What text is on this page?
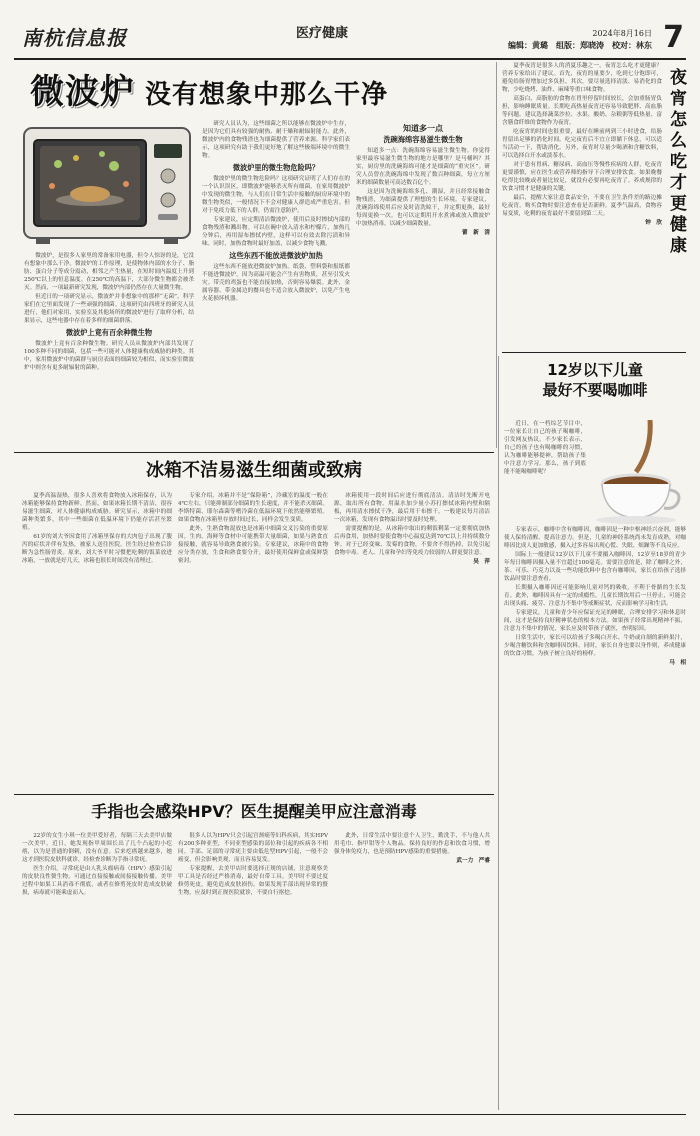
南杭信息报	医疗健康	2024年8月16日
编辑：黄璐　组版：郑晓涛　校对：林东 7
微波炉 没有想象中那么干净

微波炉，是很多人家里的常备家用电器，但令人惊讶的是，它没有想象中那么干净。微波炉的工作原理，是使物体内部的水分子、脂肪、蛋白分子等成分震动，相邻之产生热量，在短时间内温度上升到250℃以上的恒息温度。在250℃的高温下，大部分微生物都会被杀灭。然而，一项最新研究发现，微波炉内部仍然存在大量微生物。

但近日的一项研究显示，微波炉并非想象中的那样“无菌”。科学家们在它里面发现了一些顽强的细菌。这项研究由西班牙的研究人员进行，他们对家用、实验室及其他场所的微波炉进行了取样分析，结果显示，这些电器中存在着多样的细菌群落。

微波炉上竟有百余种微生物

微波炉上竟有百余种微生物。研究人员从微波炉内部共发现了100多种不同的细菌，包括一些可能对人体健康构成威胁的种类。其中，家用微波炉中的菌群与厨房表面的细菌较为相似，而实验室微波炉中则含有更多耐辐射的菌种。

研究人员认为，这些细菌之所以能够在微波炉中生存，是因为它们具有较强的耐热、耐干燥和耐辐射能力。此外，微波炉内的食物残渣也为细菌提供了营养来源。科学家们表示，这项研究有助于我们更好地了解这些极端环境中的微生物。

微波炉里的微生物危险吗？

微波炉里的微生物危险吗？这项研究证明了人们存在的一个认识误区，即微波炉能够杀灭所有细菌。在家用微波炉中发现的微生物，与人们在日常生活中接触的厨房环境中的微生物类似，一般情况下不会对健康人群造成严重危害。但对于免疫力低下的人群，仍需注意防护。

专家建议，应定期清洁微波炉，使用后及时擦拭内部的食物残渣和溅出物。可以在碗中放入清水和柠檬片，加热几分钟后，再用湿布擦拭内壁，这样可以有效去除污渍和异味。同时，加热食物时最好加盖，以减少食物飞溅。

这些东西不能放进微波炉加热

这些东西不能放进微波炉加热。纸袋、塑料袋和报纸都不能进微波炉，因为高温可能会产生有害物质，甚至引发火灾。带壳的鸡蛋也不能直接加热，否则容易爆裂。此外，金属容器、带金属边的餐具也不适合放入微波炉，以免产生电火花损坏机器。

知道多一点
洗碗海绵容易滋生微生物

知道多一点：洗碗海绵容易滋生微生物。你觉得家里最容易滋生微生物的地方是哪里？是马桶吗？其实，厨房里的洗碗海绵可能才是细菌的“重灾区”。研究人员曾在洗碗海绵中发现了数百种细菌，每立方厘米的细菌数量可高达数百亿个。

这是因为洗碗海绵多孔、潮湿，并且经常接触食物残渣，为细菌提供了理想的生长环境。专家建议，洗碗海绵使用后应及时清洗晾干，并定期更换，最好每周更换一次。也可以定期用开水煮沸或放入微波炉中加热消毒，以减少细菌数量。

蕾　新　清

夏季夜宵是很多人的消夏乐趣之一，夜宵怎么吃才更健康？营养专家给出了建议。首先，夜宵的量要少，吃到七分饱即可，避免给肠胃增加过多负担。其次，要尽量选择清淡、易消化的食物，少吃烧烤、油炸、麻辣等重口味食物。

高蛋白、高脂肪的食物在胃里停留时间较长，会加重肠胃负担，影响睡眠质量。长期吃高热量夜宵还容易导致肥胖、高血脂等问题。建议选择蔬菜沙拉、水果、酸奶、杂粮粥等低热量、富含膳食纤维的食物作为夜宵。

吃夜宵的时间也很重要，最好在睡前两到三小时进食，给肠胃留出足够的消化时间。吃完夜宵后不宜立即躺下休息，可以适当活动一下，帮助消化。另外，夜宵时尽量少喝酒和含糖饮料，可以选择白开水或淡茶水。

对于患有胃病、糖尿病、高血压等慢性疾病的人群，吃夜宵更要谨慎，应在医生或营养师的指导下合理安排饮食。如果晚餐吃得比较晚或者量比较足，就没有必要再吃夜宵了。养成规律的饮食习惯才是健康的关键。

最后，提醒大家注意食品安全，不要在卫生条件差的路边摊吃夜宵，购买食物时要注意查看是否新鲜。夏季气温高，食物容易变质，吃剩的夜宵最好不要留到第二天。

钟　欣
夜
宵
怎
么
吃
才
更
健
康
12岁以下儿童
最好不要喝咖啡

近日，在一档综艺节目中，一位家长让自己的孩子喝咖啡，引发网友热议。不少家长表示，自己的孩子也有喝咖啡的习惯，认为咖啡能够提神，帮助孩子集中注意力学习。那么，孩子到底能不能喝咖啡呢？

专家表示，咖啡中含有咖啡因，咖啡因是一种中枢神经兴奋剂，能够使人保持清醒、提高注意力。但是，儿童的神经系统尚未发育成熟，对咖啡因比成人更加敏感，摄入过多容易出现心慌、失眠、烦躁等不良反应。

国际上一般建议12岁以下儿童不要摄入咖啡因，12岁至18岁的青少年每日咖啡因摄入量不宜超过100毫克。需要注意的是，除了咖啡之外，茶、可乐、巧克力以及一些功能饮料中也含有咖啡因，家长在给孩子选择饮品时要注意查看。

长期摄入咖啡因还可能影响儿童对钙的吸收，不利于骨骼的生长发育。此外，咖啡因具有一定的成瘾性，儿童长期饮用后一旦停止，可能会出现头痛、疲劳、注意力不集中等戒断症状，反而影响学习和生活。

专家建议，儿童和青少年应保证充足的睡眠，合理安排学习和休息时间，这才是保持良好精神状态的根本方法。如果孩子经常出现精神不振、注意力不集中的情况，家长应及时带孩子就医，查明原因。

日常生活中，家长可以给孩子多喝白开水、牛奶或自制的新鲜果汁，少喝含糖饮料和含咖啡因饮料。同时，家长自身也要以身作则，养成健康的饮食习惯，为孩子树立良好的榜样。

马　相
冰箱不洁易滋生细菌或致病

夏季高温湿热，很多人喜欢将食物放入冰箱保存，认为冰箱能够保持食物新鲜。然而，如果冰箱长期不清洁，很容易滋生细菌，对人体健康构成威胁。研究显示，冰箱中的细菌种类繁多，其中一些细菌在低温环境下仍能存活甚至繁殖。

61岁的刘大爷因食用了冰箱里保存的大肉包子出现了腹泻的症状并伴有发热，被家人送往医院。医生经过检查后诊断为急性肠胃炎。原来，刘大爷平时习惯把吃剩的饭菜放进冰箱，一放就是好几天，冰箱也很长时间没有清理过。

专家介绍，冰箱并不是“保险箱”，冷藏室的温度一般在4℃左右，只能抑制部分细菌的生长速度，并不能杀灭细菌。李斯特菌、耶尔森菌等嗜冷菌在低温环境下依然能够繁殖。如果食物在冰箱里存放时间过长，同样会发生变质。

此外，生熟食物混放也是冰箱中细菌交叉污染的重要原因。生肉、海鲜等食材中可能携带大量细菌，如果与熟食直接接触，就容易导致熟食被污染。专家建议，冰箱中的食物应分类存放，生食和熟食要分开，最好使用保鲜盒或保鲜袋密封。

冰箱使用一段时间后应进行彻底清洁。清洁时先断开电源，取出所有食物，用温水加少量小苏打擦拭冰箱内壁和隔板，再用清水擦拭干净，最后用干布擦干。一般建议每月清洁一次冰箱，发现有食物溢出时要及时处理。

需要提醒的是，从冰箱中取出的剩饭剩菜一定要彻底加热后再食用，加热时要使食物中心温度达到70℃以上并持续数分钟。对于已经变味、发霉的食物，不要舍不得扔掉，以免引起食物中毒。老人、儿童和孕妇等免疫力较弱的人群更要注意。

吴　萍
手指也会感染HPV？医生提醒美甲应注意消毒

22岁的女生小琪一位美甲爱好者，每隔三天去美甲店做一次美甲。近日，她发现指甲周围长出了几个凸起的小疙瘩，以为是普通的倒刺，没有在意。后来疙瘩越来越多，她这才到医院皮肤科就诊，经检查诊断为手指寻常疣。

医生介绍，寻常疣是由人乳头瘤病毒（HPV）感染引起的皮肤良性赘生物，可通过直接接触或间接接触传播。美甲过程中如果工具消毒不彻底，或者在修剪死皮时造成皮肤破损，病毒就可能乘虚而入。

很多人以为HPV只会引起宫颈癌等妇科疾病，其实HPV有200多种亚型，不同亚型感染的部位和引起的疾病各不相同。手部、足部的寻常疣主要由低危型HPV引起，一般不会癌变，但会影响美观，而且容易复发。

专家提醒，去美甲店时要选择正规的店铺，注意观察美甲工具是否经过严格消毒，最好自带工具。美甲时不要过度修剪死皮，避免造成皮肤损伤。如果发现手部出现异常的赘生物，应及时到正规医院就诊，不要自行抠挖。

此外，日常生活中要注意个人卫生，勤洗手，不与他人共用毛巾、指甲钳等个人物品。保持良好的作息和饮食习惯，增强身体免疫力，也是预防HPV感染的重要措施。

武一力　严睿
